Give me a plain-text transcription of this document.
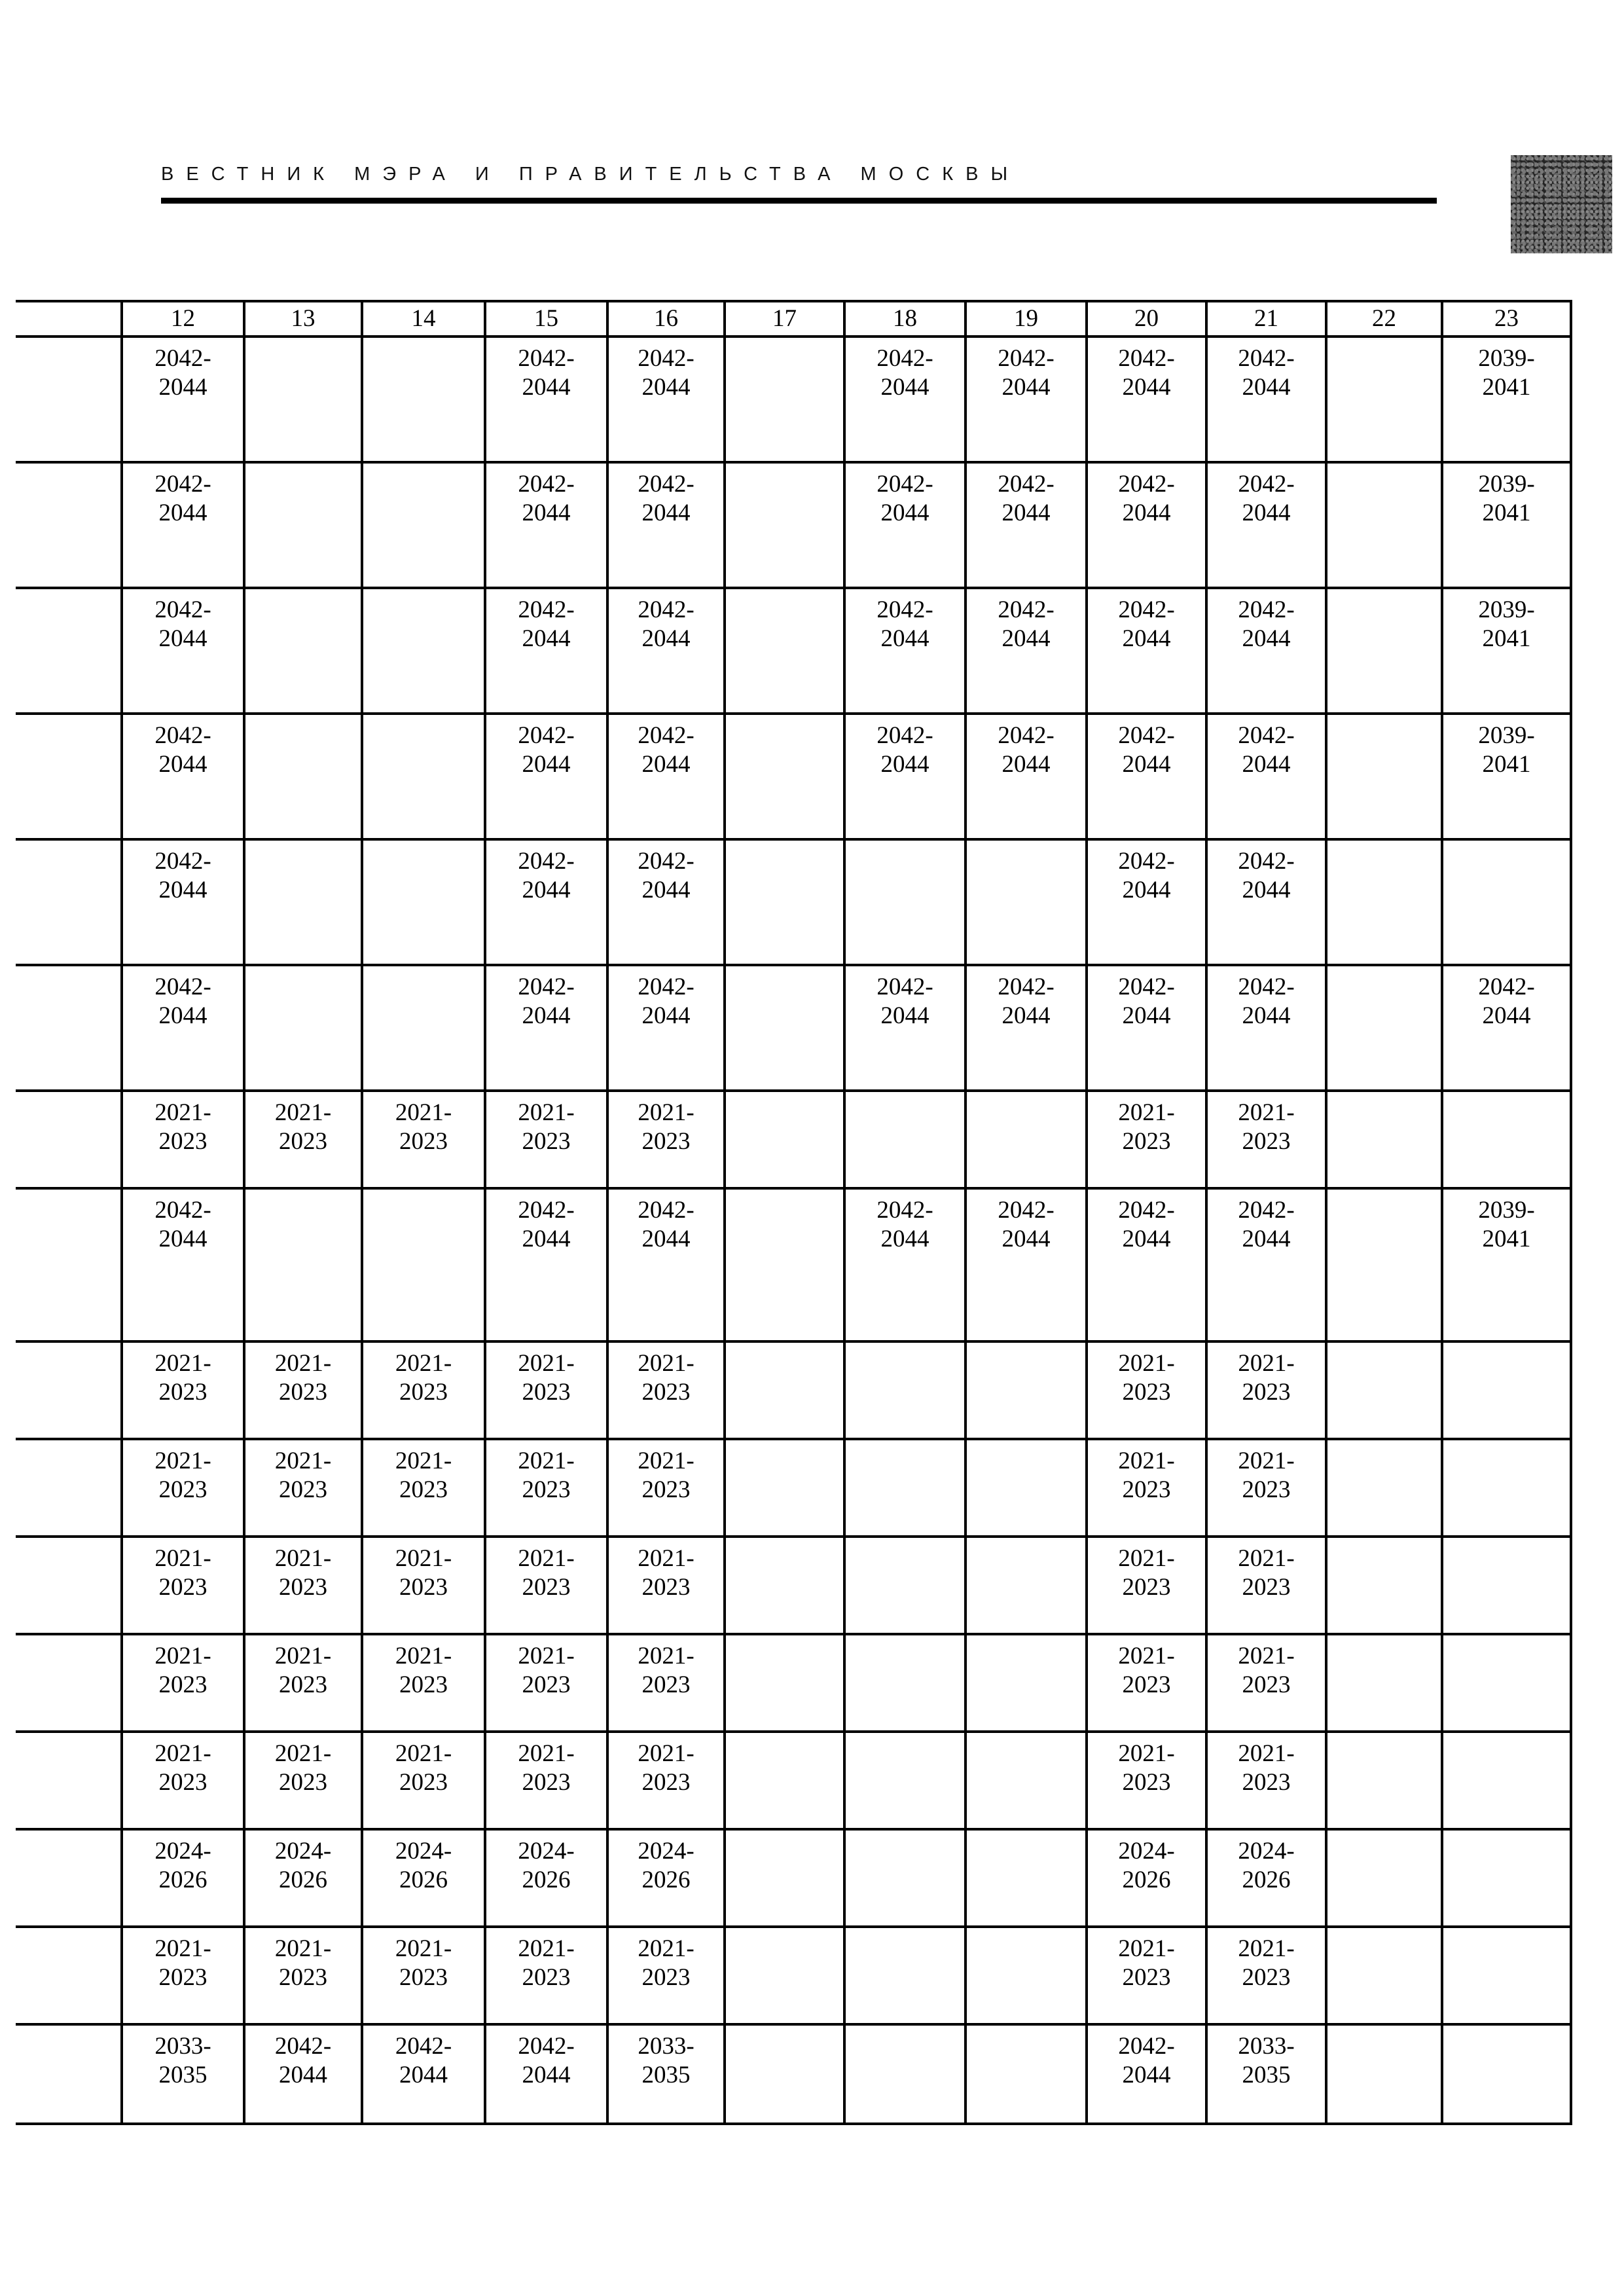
ВЕСТНИК МЭРА И ПРАВИТЕЛЬСТВА МОСКВЫ
	12	13	14	15	16	17	18	19	20	21	22	23
	2042-
2044			2042-
2044	2042-
2044		2042-
2044	2042-
2044	2042-
2044	2042-
2044		2039-
2041
	2042-
2044			2042-
2044	2042-
2044		2042-
2044	2042-
2044	2042-
2044	2042-
2044		2039-
2041
	2042-
2044			2042-
2044	2042-
2044		2042-
2044	2042-
2044	2042-
2044	2042-
2044		2039-
2041
	2042-
2044			2042-
2044	2042-
2044		2042-
2044	2042-
2044	2042-
2044	2042-
2044		2039-
2041
	2042-
2044			2042-
2044	2042-
2044				2042-
2044	2042-
2044		
	2042-
2044			2042-
2044	2042-
2044		2042-
2044	2042-
2044	2042-
2044	2042-
2044		2042-
2044
	2021-
2023	2021-
2023	2021-
2023	2021-
2023	2021-
2023				2021-
2023	2021-
2023		
	2042-
2044			2042-
2044	2042-
2044		2042-
2044	2042-
2044	2042-
2044	2042-
2044		2039-
2041
	2021-
2023	2021-
2023	2021-
2023	2021-
2023	2021-
2023				2021-
2023	2021-
2023		
	2021-
2023	2021-
2023	2021-
2023	2021-
2023	2021-
2023				2021-
2023	2021-
2023		
	2021-
2023	2021-
2023	2021-
2023	2021-
2023	2021-
2023				2021-
2023	2021-
2023		
	2021-
2023	2021-
2023	2021-
2023	2021-
2023	2021-
2023				2021-
2023	2021-
2023		
	2021-
2023	2021-
2023	2021-
2023	2021-
2023	2021-
2023				2021-
2023	2021-
2023		
	2024-
2026	2024-
2026	2024-
2026	2024-
2026	2024-
2026				2024-
2026	2024-
2026		
	2021-
2023	2021-
2023	2021-
2023	2021-
2023	2021-
2023				2021-
2023	2021-
2023		
	2033-
2035	2042-
2044	2042-
2044	2042-
2044	2033-
2035				2042-
2044	2033-
2035		
